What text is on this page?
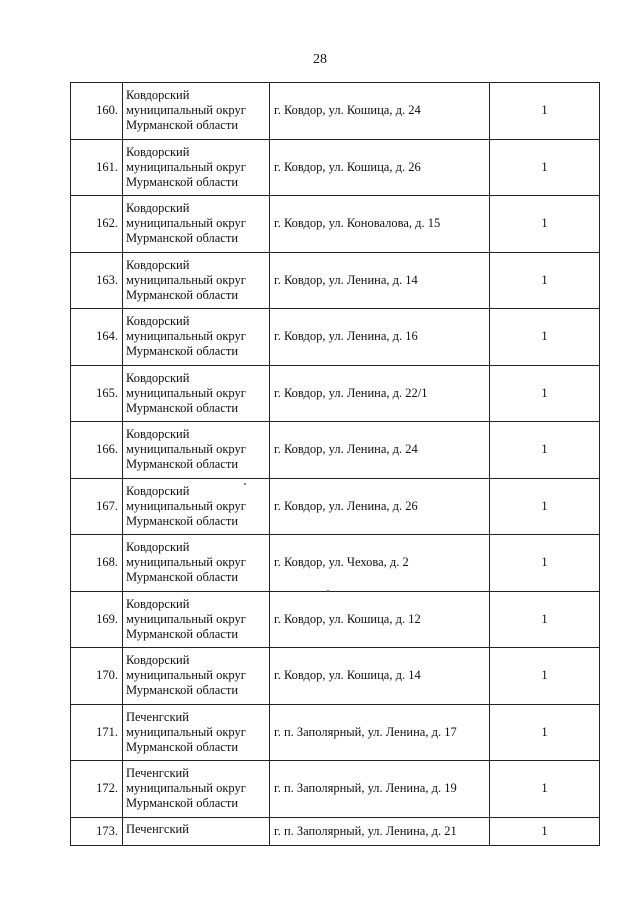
28
160.	Ковдорский
муниципальный округ
Мурманской области	г. Ковдор, ул. Кошица, д. 24	1
161.	Ковдорский
муниципальный округ
Мурманской области	г. Ковдор, ул. Кошица, д. 26	1
162.	Ковдорский
муниципальный округ
Мурманской области	г. Ковдор, ул. Коновалова, д. 15	1
163.	Ковдорский
муниципальный округ
Мурманской области	г. Ковдор, ул. Ленина, д. 14	1
164.	Ковдорский
муниципальный округ
Мурманской области	г. Ковдор, ул. Ленина, д. 16	1
165.	Ковдорский
муниципальный округ
Мурманской области	г. Ковдор, ул. Ленина, д. 22/1	1
166.	Ковдорский
муниципальный округ
Мурманской области	г. Ковдор, ул. Ленина, д. 24	1
167.	Ковдорский
муниципальный округ
Мурманской области	г. Ковдор, ул. Ленина, д. 26	1
168.	Ковдорский
муниципальный округ
Мурманской области	г. Ковдор, ул. Чехова, д. 2	1
169.	Ковдорский
муниципальный округ
Мурманской области	г. Ковдор, ул. Кошица, д. 12	1
170.	Ковдорский
муниципальный округ
Мурманской области	г. Ковдор, ул. Кошица, д. 14	1
171.	Печенгский
муниципальный округ
Мурманской области	г. п. Заполярный, ул. Ленина, д. 17	1
172.	Печенгский
муниципальный округ
Мурманской области	г. п. Заполярный, ул. Ленина, д. 19	1
173.	Печенгский	г. п. Заполярный, ул. Ленина, д. 21	1
